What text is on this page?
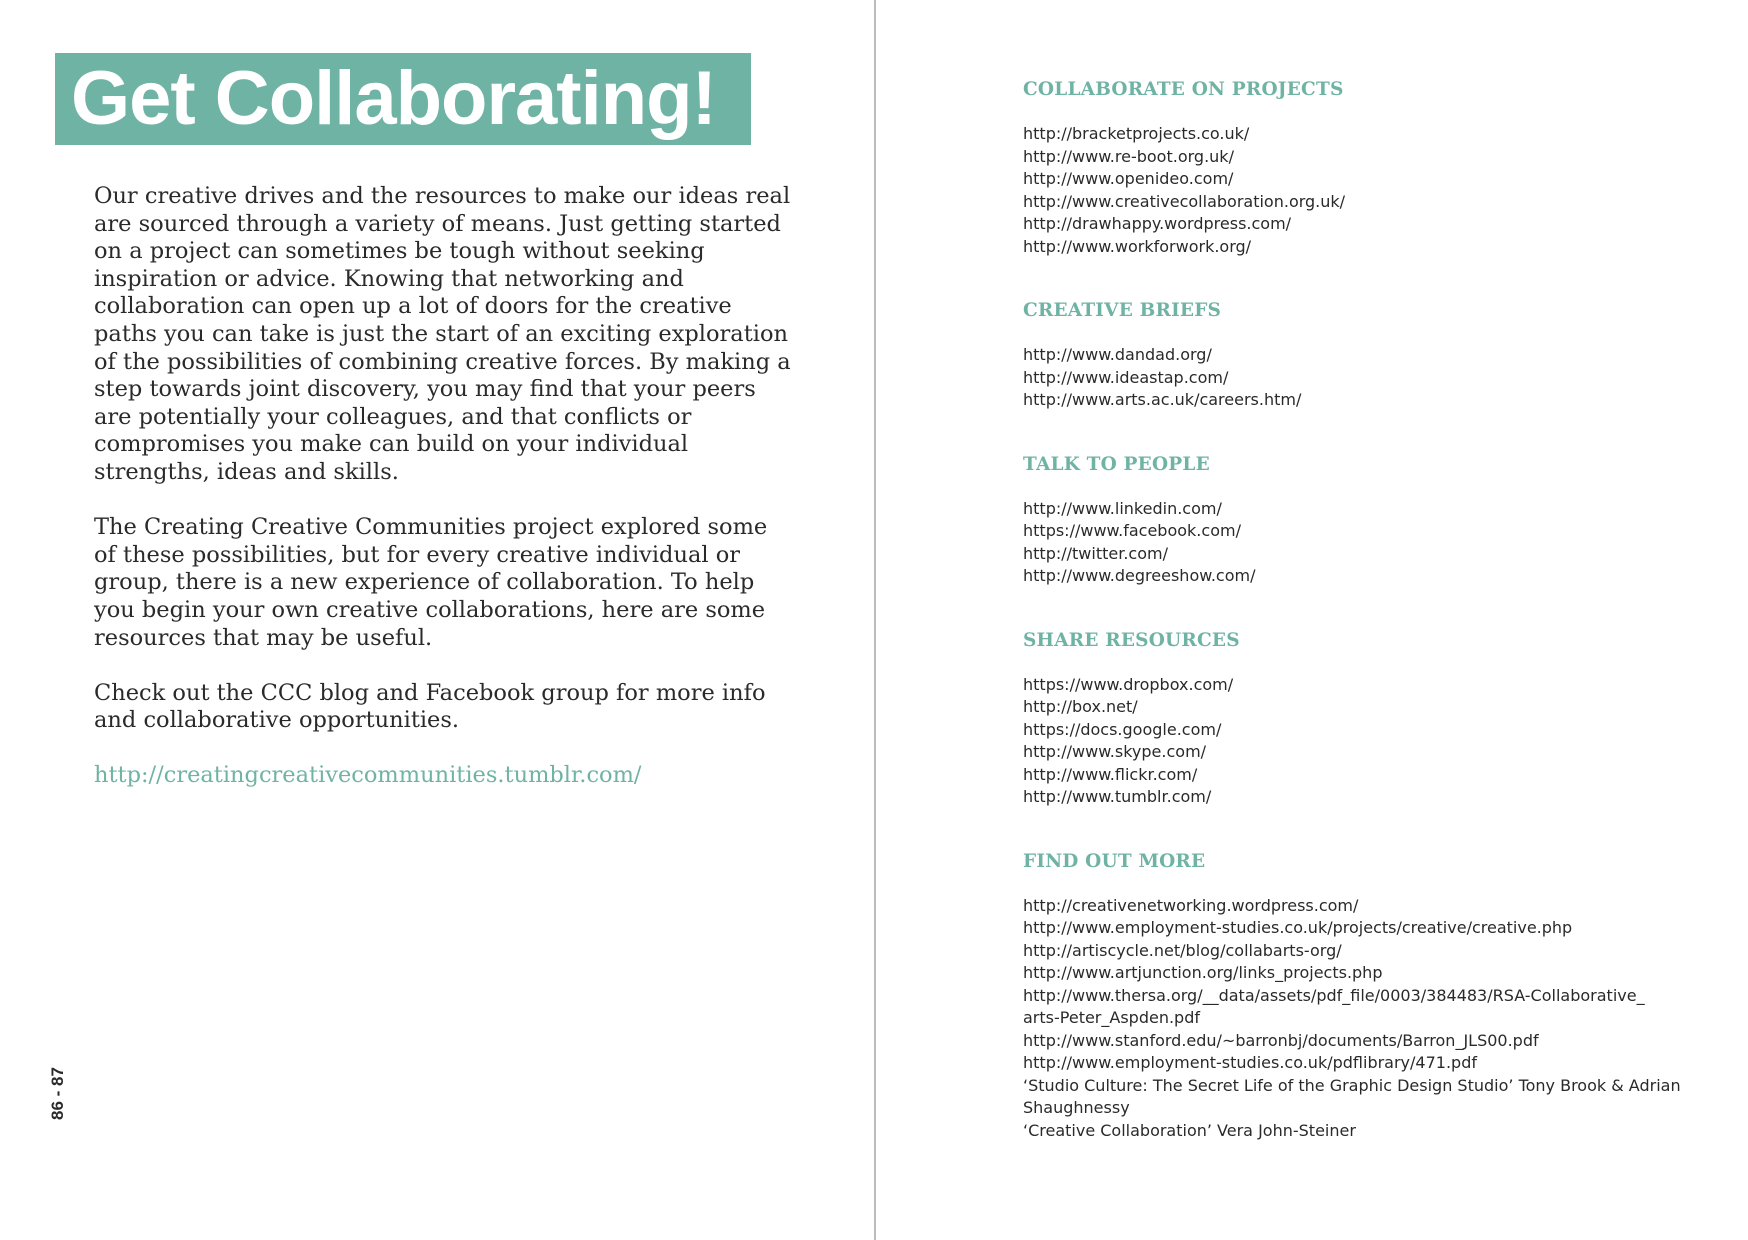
Get Collaborating!

Our creative drives and the resources to make our ideas real are sourced through a variety of means. Just getting started on a project can sometimes be tough without seeking inspiration or advice. Knowing that networking and collaboration can open up a lot of doors for the creative paths you can take is just the start of an exciting exploration of the possibilities of combining creative forces. By making a step towards joint discovery, you may find that your peers are potentially your colleagues, and that conflicts or compromises you make can build on your individual strengths, ideas and skills.

The Creating Creative Communities project explored some of these possibilities, but for every creative individual or group, there is a new experience of collaboration. To help you begin your own creative collaborations, here are some resources that may be useful.

Check out the CCC blog and Facebook group for more info and collaborative opportunities.

http://creatingcreativecommunities.tumblr.com/
86 - 87
COLLABORATE ON PROJECTS
http://bracketprojects.co.uk/
http://www.re-boot.org.uk/
http://www.openideo.com/
http://www.creativecollaboration.org.uk/
http://drawhappy.wordpress.com/
http://www.workforwork.org/
CREATIVE BRIEFS
http://www.dandad.org/
http://www.ideastap.com/
http://www.arts.ac.uk/careers.htm/
TALK TO PEOPLE
http://www.linkedin.com/
https://www.facebook.com/
http://twitter.com/
http://www.degreeshow.com/
SHARE RESOURCES
https://www.dropbox.com/
http://box.net/
https://docs.google.com/
http://www.skype.com/
http://www.flickr.com/
http://www.tumblr.com/
FIND OUT MORE
http://creativenetworking.wordpress.com/
http://www.employment-studies.co.uk/projects/creative/creative.php
http://artiscycle.net/blog/collabarts-org/
http://www.artjunction.org/links_projects.php
http://www.thersa.org/__data/assets/pdf_file/0003/384483/RSA-Collaborative_
arts-Peter_Aspden.pdf
http://www.stanford.edu/~barronbj/documents/Barron_JLS00.pdf
http://www.employment-studies.co.uk/pdflibrary/471.pdf
‘Studio Culture: The Secret Life of the Graphic Design Studio’ Tony Brook & Adrian
Shaughnessy
‘Creative Collaboration’ Vera John-Steiner
